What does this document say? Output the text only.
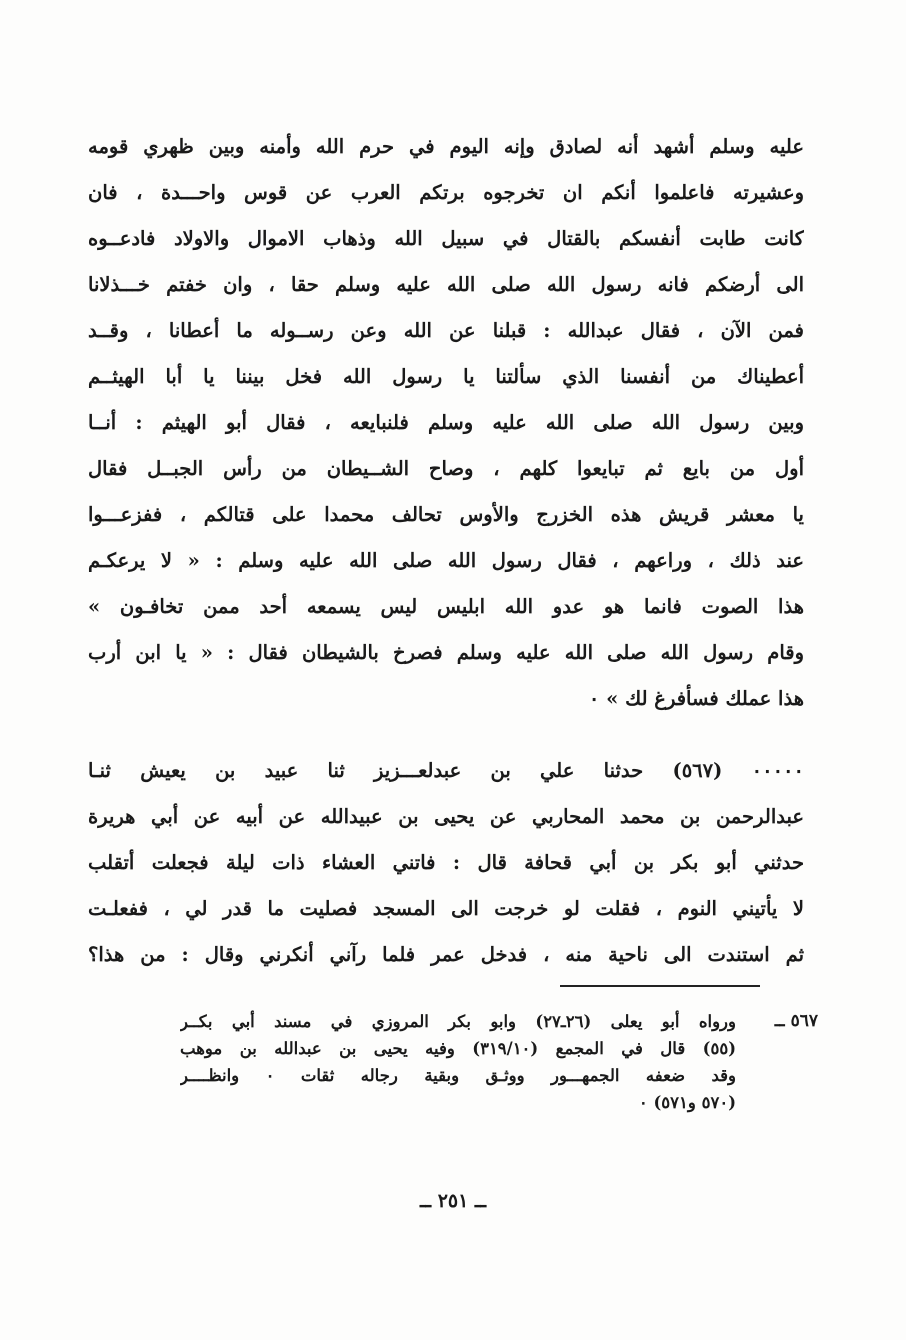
عليه وسلم أشهد أنه لصادق وإنه اليوم في حرم الله وأمنه وبين ظهري قومه
وعشيرته فاعلموا أنكم ان تخرجوه برتكم العرب عن قوس واحـــدة ، فان
كانت طابت أنفسكم بالقتال في سبيل الله وذهاب الاموال والاولاد فادعــوه
الى أرضكم فانه رسول الله صلى الله عليه وسلم حقا ، وان خفتم خـــذلانا
فمن الآن ، فقال عبدالله : قبلنا عن الله وعن رســوله ما أعطانا ، وقــد
أعطيناك من أنفسنا الذي سألتنا يا رسول الله فخل بيننا يا أبا الهيثــم
وبين رسول الله صلى الله عليه وسلم فلنبايعه ، فقال أبو الهيثم : أنــا
أول من بايع ثم تبايعوا كلهم ، وصاح الشــيطان من رأس الجبــل فقال
يا معشر قريش هذه الخزرج والأوس تحالف محمدا على قتالكم ، ففزعـــوا
عند ذلك ، وراعهم ، فقال رسول الله صلى الله عليه وسلم : « لا يرعكـم
هذا الصوت فانما هو عدو الله ابليس ليس يسمعه أحد ممن تخافـون »
وقام رسول الله صلى الله عليه وسلم فصرخ بالشيطان فقال : « يا ابن أرب
هذا عملك فسأفرغ لك » ٠
٠٠٠٠٠ (٥٦٧) حدثنا علي بن عبدلعـــزيز ثنا عبيد بن يعيش ثنـا
عبدالرحمن بن محمد المحاربي عن يحيى بن عبيدالله عن أبيه عن أبي هريرة
حدثني أبو بكر بن أبي قحافة قال : فاتني العشاء ذات ليلة فجعلت أتقلب
لا يأتيني النوم ، فقلت لو خرجت الى المسجد فصليت ما قدر لي ، ففعلـت
ثم استندت الى ناحية منه ، فدخل عمر فلما رآني أنكرني وقال : من هذا؟
٥٦٧ ــ
ورواه أبو يعلى (٢٦ـ٢٧) وابو بكر المروزي في مسند أبي بكــر
(٥٥) قال في المجمع (٣١٩/١٠) وفيه يحيى بن عبدالله بن موهب
وقد ضعفه الجمهـــور ووثـق وبقية رجاله ثقات ٠ وانظــــر
(٥٧٠ و٥٧١) ٠
ــ ٢٥١ ــ
